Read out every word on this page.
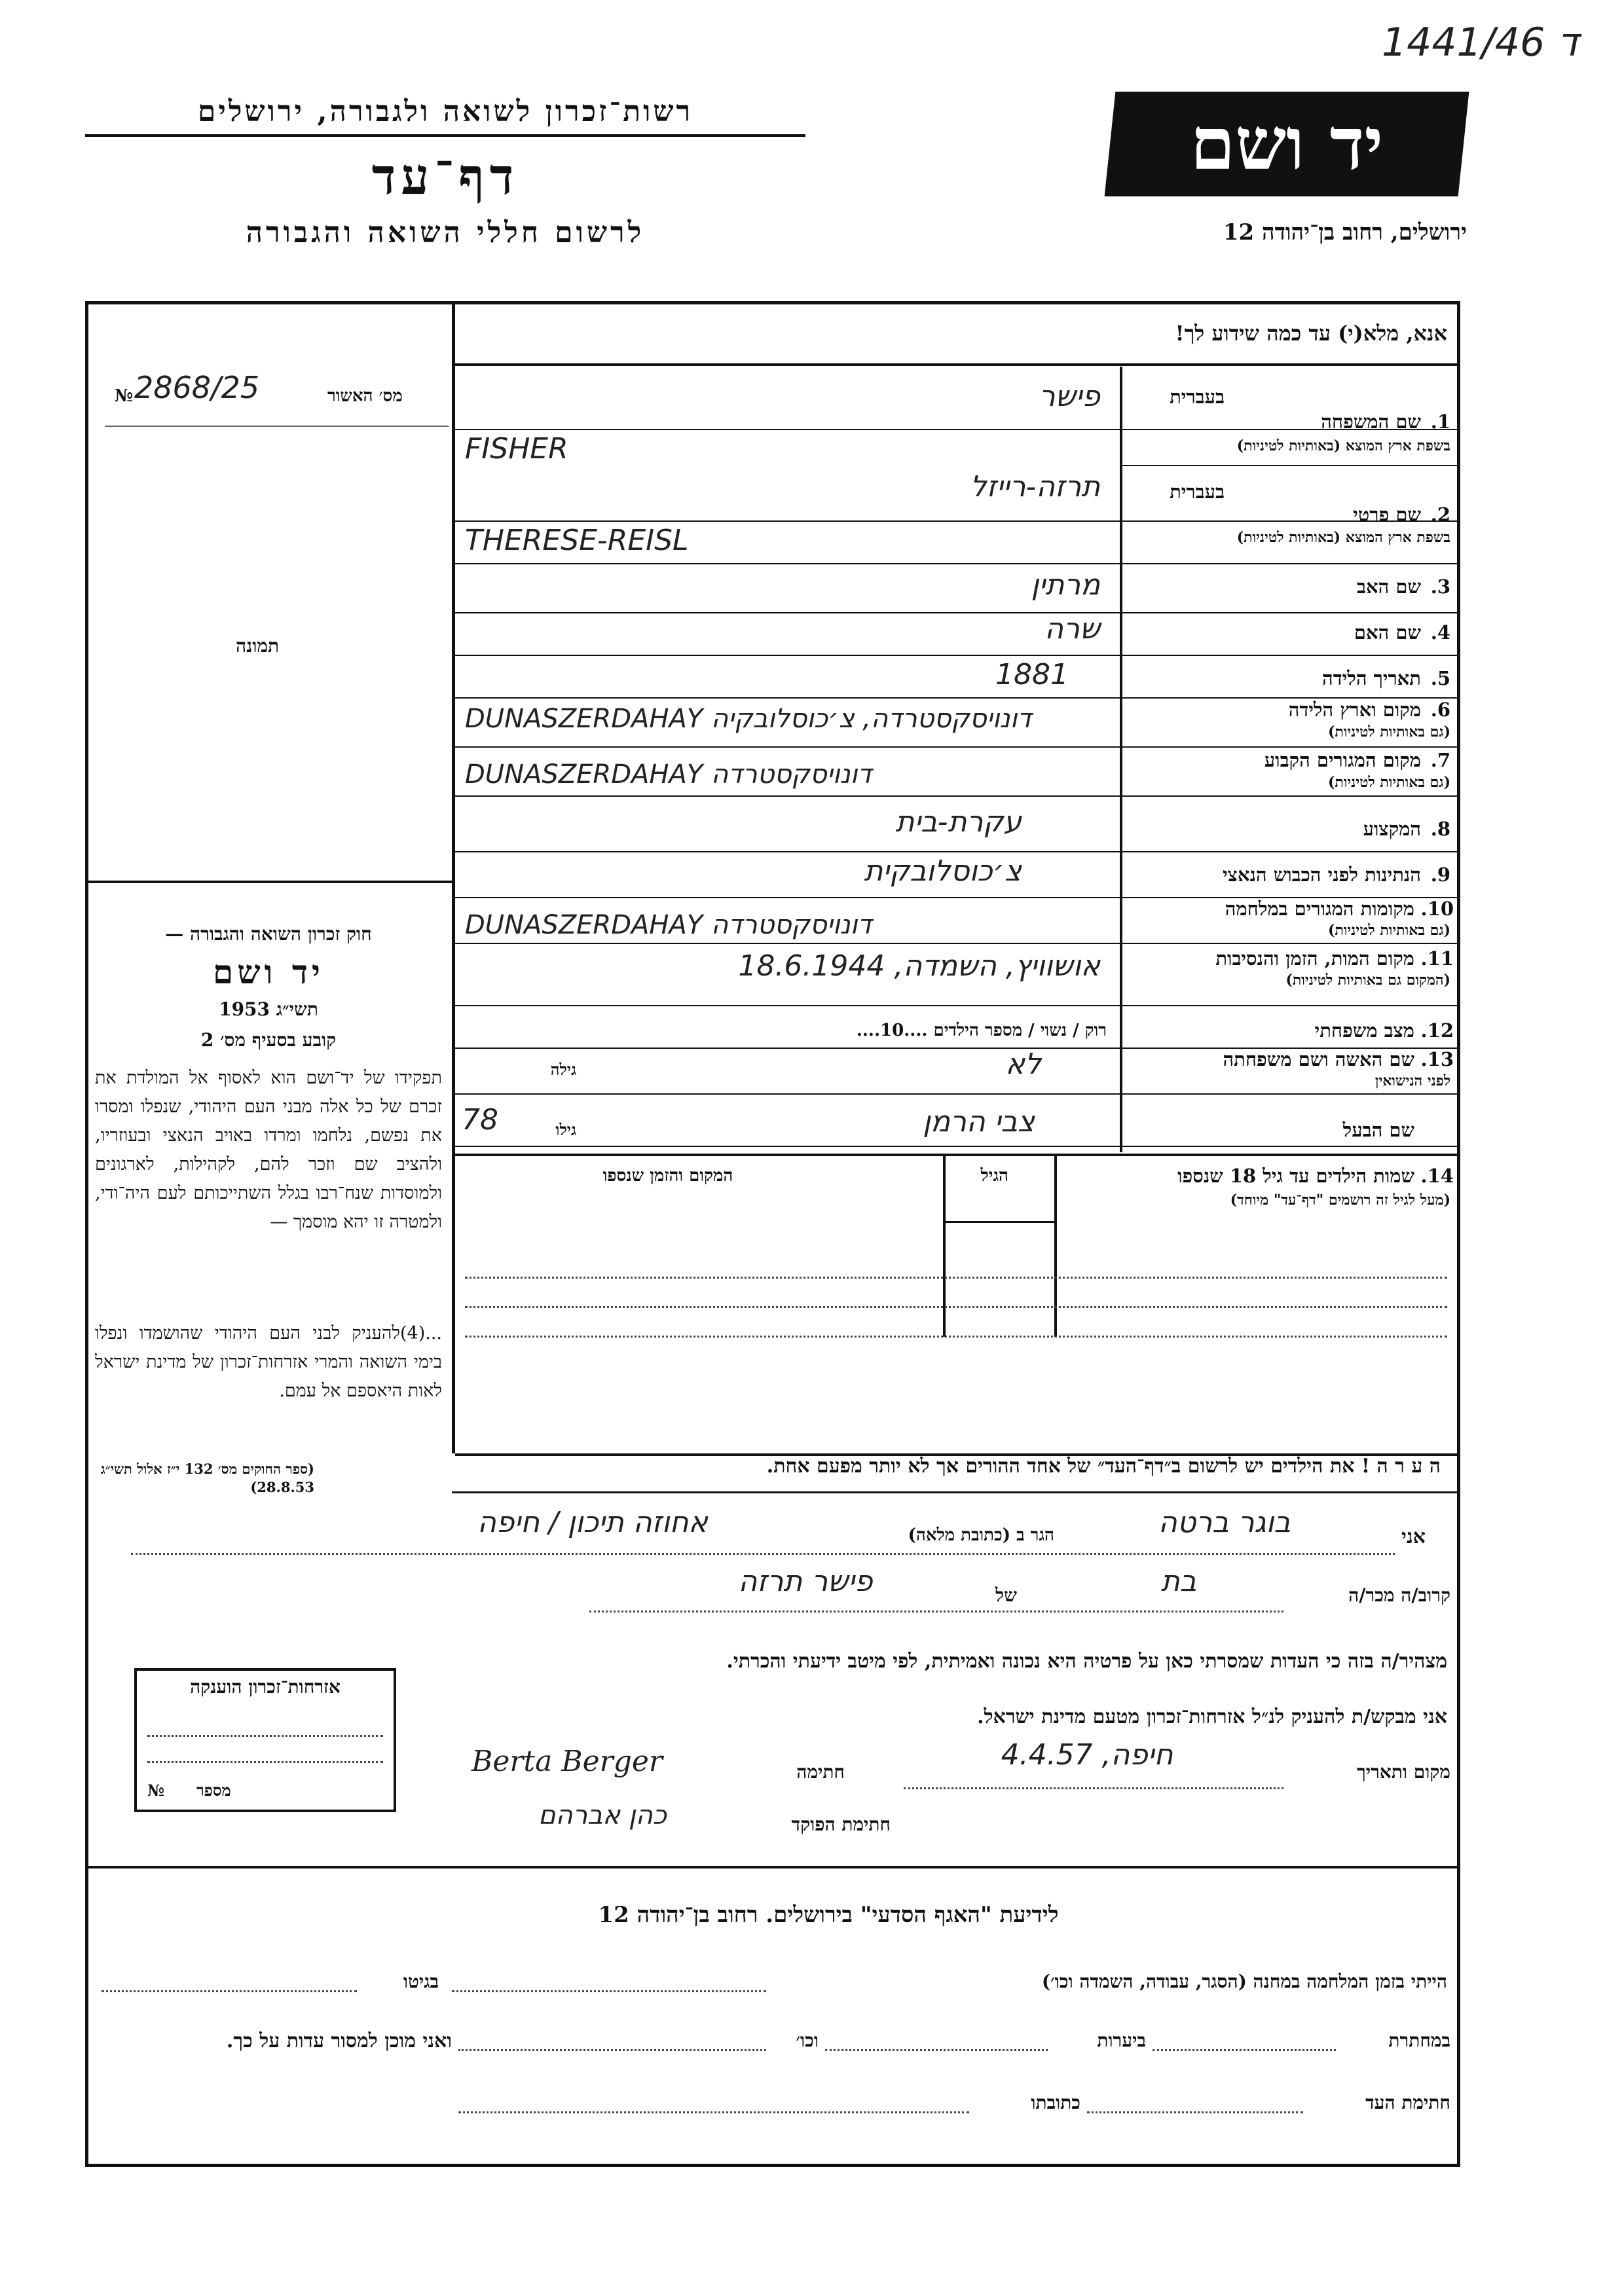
רשות־זכרון לשואה ולגבורה, ירושלים
דף־עד
לרשום חללי השואה והגבורה
יד ושם
ד 1441/46
ירושלים, רחוב בן־יהודה 12
אנא, מלא(י) עד כמה שידוע לך!
№ 2868/25	מס׳ האשור
תמונה
1.
שם המשפחה
בשפת ארץ המוצא (באותיות לטיניות)
בעברית
פישר
FISHER
2.
שם פרטי
בשפת ארץ המוצא (באותיות לטיניות)
בעברית
תרזה-רייזל
THERESE-REISL
3.
שם האב
מרתין
4.
שם האם
שרה
5.
תאריך הלידה
1881
6.
מקום וארץ הלידה
(גם באותיות לטיניות)
DUNASZERDAHAY דונויסקסטרדה, צ׳כוסלובקיה
7.
מקום המגורים הקבוע
(גם באותיות לטיניות)
DUNASZERDAHAY דונויסקסטרדה
8.
המקצוע
עקרת-בית
9.
הנתינות לפני הכבוש הנאצי
צ׳כוסלובקית
10.
מקומות המגורים במלחמה
(גם באותיות לטיניות)
DUNASZERDAHAY דונויסקסטרדה
11.
מקום המות, הזמן והנסיבות
(המקום גם באותיות לטיניות)
אושוויץ, השמדה, 18.6.1944
12.
מצב משפחתי
רוק / נשוי / מספר הילדים ....10....
13.
שם האשה ושם משפחתה
לפני הנישואין
לא
גילה
שם הבעל
צבי הרמן
גילו
78
14.
שמות הילדים עד גיל 18 שנספו
(מעל לגיל זה רושמים "דף־עד" מיוחד)
הגיל
המקום והזמן שנספו
חוק זכרון השואה והגבורה —
יד ושם
תשי״ג 1953
קובע בסעיף מס׳ 2
תפקידו של יד־ושם הוא לאסוף אל המולדת את זכרם של כל אלה מבני העם היהודי, שנפלו ומסרו את נפשם, נלחמו ומרדו באויב הנאצי ובעוזריו, ולהציב שם וזכר להם, לקהילות, לארגונים ולמוסדות שנח־רבו בגלל השתייכותם לעם היה־ודי, ולמטרה זו יהא מוסמך —
...(4)להעניק לבני העם היהודי שהושמדו ונפלו בימי השואה והמרי אזרחות־זכרון של מדינת ישראל לאות היאספם אל עמם.
(ספר החוקים מס׳ 132 י״ז אלול תשי״ג 28.8.53)
ה ע ר ה ! את הילדים יש לרשום ב״דף־העד״ של אחד ההורים אך לא יותר מפעם אחת.
אני
בוגר ברטה
הגר ב (כתובת מלאה)
אחוזה תיכון / חיפה
קרוב/ה מכר/ה
בת
של
פישר תרזה
מצהיר/ה בזה כי העדות שמסרתי כאן על פרטיה היא נכונה ואמיתית, לפי מיטב ידיעתי והכרתי.
אני מבקש/ת להעניק לנ״ל אזרחות־זכרון מטעם מדינת ישראל.
מקום ותאריך
חיפה, 4.4.57
חתימה
Berta Berger
חתימת הפוקד
כהן אברהם
אזרחות־זכרון הוענקה
№ מספר
לידיעת "האגף הסדעי" בירושלים. רחוב בן־יהודה 12
הייתי בזמן המלחמה במחנה (הסגר, עבודה, השמדה וכו׳)
בגיטו
במחתרת
ביערות
וכו׳
ואני מוכן למסור עדות על כך.
חתימת העד
כתובתו
